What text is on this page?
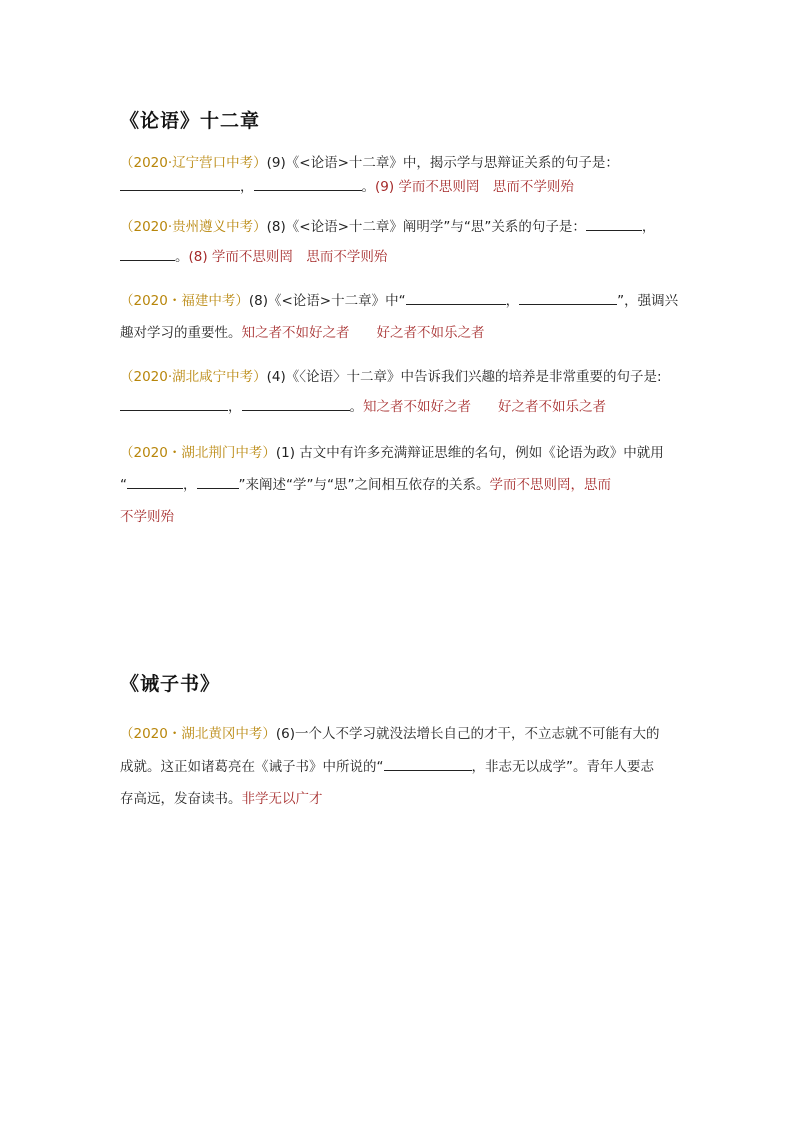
《论语》十二章
（2020·辽宁营口中考）(9)《<论语>十二章》中，揭示学与思辩证关系的句子是：
，	。(9) 学而不思则罔　思而不学则殆
（2020·贵州遵义中考）(8)《<论语>十二章》阐明学”与“思”关系的句子是：	，
。(8) 学而不思则罔　思而不学则殆
（2020・福建中考）(8)《<论语>十二章》中“	，	”，强调兴
趣对学习的重要性。知之者不如好之者　　好之者不如乐之者
（2020·湖北咸宁中考）(4)《〈论语〉十二章》中告诉我们兴趣的培养是非常重要的句子是:
，	。知之者不如好之者　　好之者不如乐之者
（2020・湖北荆门中考）(1) 古文中有许多充满辩证思维的名句，例如《论语为政》中就用
“	，	”来阐述“学”与“思”之间相互依存的关系。学而不思则罔，思而
不学则殆
《诫子书》
（2020・湖北黄冈中考）(6)一个人不学习就没法增长自己的才干，不立志就不可能有大的
成就。这正如诸葛亮在《诫子书》中所说的“	，非志无以成学”。青年人要志
存高远，发奋读书。非学无以广才
